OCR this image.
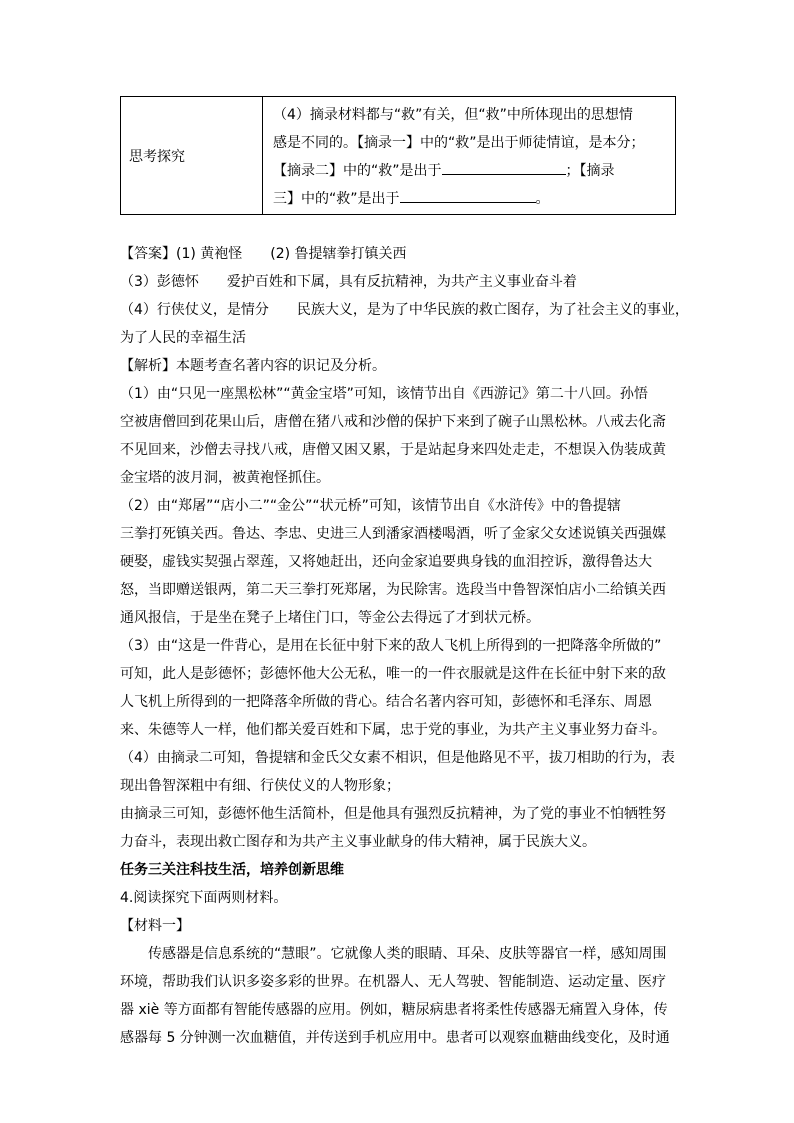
思考探究

（4）摘录材料都与“救”有关，但“救”中所体现出的思想情

感是不同的。【摘录一】中的“救”是出于师徒情谊，是本分；

【摘录二】中的“救”是出于	；【摘录

三】中的“救”是出于	。

【答案】(1) 黄袍怪　　(2) 鲁提辖拳打镇关西

（3）彭德怀　　爱护百姓和下属，具有反抗精神，为共产主义事业奋斗着

（4）行侠仗义，是情分　　民族大义，是为了中华民族的救亡图存，为了社会主义的事业，

为了人民的幸福生活

【解析】本题考查名著内容的识记及分析。

（1）由“只见一座黑松林”“黄金宝塔”可知，该情节出自《西游记》第二十八回。孙悟

空被唐僧回到花果山后，唐僧在猪八戒和沙僧的保护下来到了碗子山黑松林。八戒去化斋

不见回来，沙僧去寻找八戒，唐僧又困又累，于是站起身来四处走走，不想误入伪装成黄

金宝塔的波月洞，被黄袍怪抓住。

（2）由“郑屠”“店小二”“金公”“状元桥”可知，该情节出自《水浒传》中的鲁提辖

三拳打死镇关西。鲁达、李忠、史进三人到潘家酒楼喝酒，听了金家父女述说镇关西强媒

硬娶，虚钱实契强占翠莲，又将她赶出，还向金家追要典身钱的血泪控诉，激得鲁达大

怒，当即赠送银两，第二天三拳打死郑屠，为民除害。选段当中鲁智深怕店小二给镇关西

通风报信，于是坐在凳子上堵住门口，等金公去得远了才到状元桥。

（3）由“这是一件背心，是用在长征中射下来的敌人飞机上所得到的一把降落伞所做的”

可知，此人是彭德怀；彭德怀他大公无私，唯一的一件衣服就是这件在长征中射下来的敌

人飞机上所得到的一把降落伞所做的背心。结合名著内容可知，彭德怀和毛泽东、周恩

来、朱德等人一样，他们都关爱百姓和下属，忠于党的事业，为共产主义事业努力奋斗。

（4）由摘录二可知，鲁提辖和金氏父女素不相识，但是他路见不平，拔刀相助的行为，表

现出鲁智深粗中有细、行侠仗义的人物形象；

由摘录三可知，彭德怀他生活简朴，但是他具有强烈反抗精神，为了党的事业不怕牺牲努

力奋斗，表现出救亡图存和为共产主义事业献身的伟大精神，属于民族大义。

任务三关注科技生活，培养创新思维

4.阅读探究下面两则材料。

【材料一】

传感器是信息系统的“慧眼”。它就像人类的眼睛、耳朵、皮肤等器官一样，感知周围

环境，帮助我们认识多姿多彩的世界。在机器人、无人驾驶、智能制造、运动定量、医疗

器 xiè 等方面都有智能传感器的应用。例如，糖尿病患者将柔性传感器无痛置入身体，传

感器每 5 分钟测一次血糖值，并传送到手机应用中。患者可以观察血糖曲线变化，及时通
